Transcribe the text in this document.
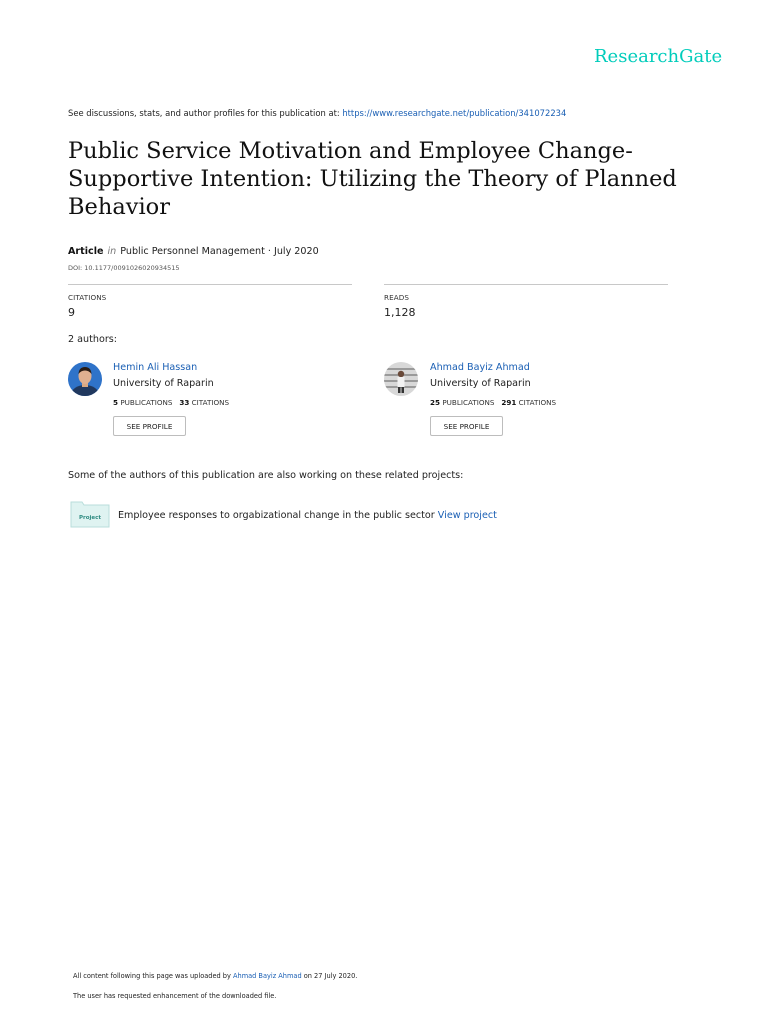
ResearchGate
See discussions, stats, and author profiles for this publication at: https://www.researchgate.net/publication/341072234
Public Service Motivation and Employee Change-Supportive Intention: Utilizing the Theory of Planned Behavior
Article in Public Personnel Management · July 2020
DOI: 10.1177/0091026020934515
CITATIONS
9
READS
1,128
2 authors:
Hemin Ali Hassan
University of Raparin
5 PUBLICATIONS 33 CITATIONS
SEE PROFILE
Ahmad Bayiz Ahmad
University of Raparin
25 PUBLICATIONS 291 CITATIONS
SEE PROFILE
Some of the authors of this publication are also working on these related projects:
Project Employee responses to orgabizational change in the public sector View project
All content following this page was uploaded by Ahmad Bayiz Ahmad on 27 July 2020.
The user has requested enhancement of the downloaded file.
